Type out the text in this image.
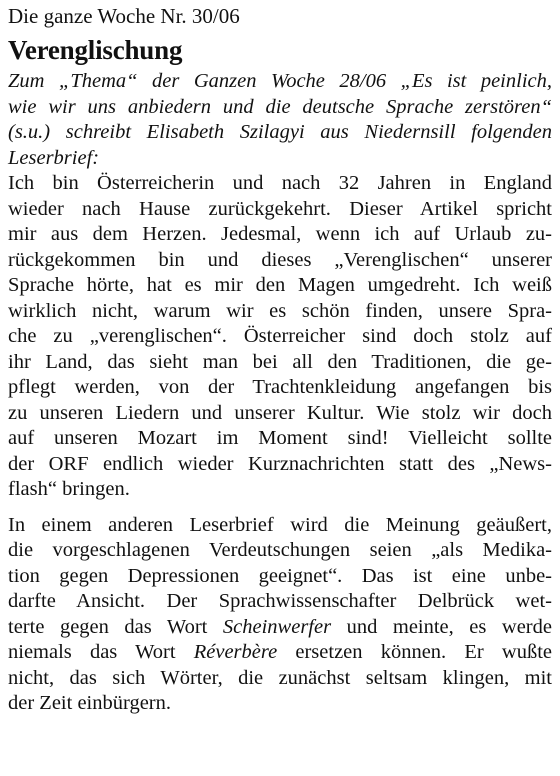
Die ganze Woche Nr. 30/06
Verenglischung
Zum „Thema“ der Ganzen Woche 28/06 „Es ist peinlich,
wie wir uns anbiedern und die deutsche Sprache zerstören“
(s.u.) schreibt Elisabeth Szilagyi aus Niedernsill folgenden
Leserbrief:
Ich bin Österreicherin und nach 32 Jahren in England
wieder nach Hause zurückgekehrt. Dieser Artikel spricht
mir aus dem Herzen. Jedesmal, wenn ich auf Urlaub zu-
rückgekommen bin und dieses „Verenglischen“ unserer
Sprache hörte, hat es mir den Magen umgedreht. Ich weiß
wirklich nicht, warum wir es schön finden, unsere Spra-
che zu „verenglischen“. Österreicher sind doch stolz auf
ihr Land, das sieht man bei all den Traditionen, die ge-
pflegt werden, von der Trachtenkleidung angefangen bis
zu unseren Liedern und unserer Kultur. Wie stolz wir doch
auf unseren Mozart im Moment sind! Vielleicht sollte
der ORF endlich wieder Kurznachrichten statt des „News-
flash“ bringen.
In einem anderen Leserbrief wird die Meinung geäußert,
die vorgeschlagenen Verdeutschungen seien „als Medika-
tion gegen Depressionen geeignet“. Das ist eine unbe-
darfte Ansicht. Der Sprachwissenschafter Delbrück wet-
terte gegen das Wort Scheinwerfer und meinte, es werde
niemals das Wort Réverbère ersetzen können. Er wußte
nicht, das sich Wörter, die zunächst seltsam klingen, mit
der Zeit einbürgern.
